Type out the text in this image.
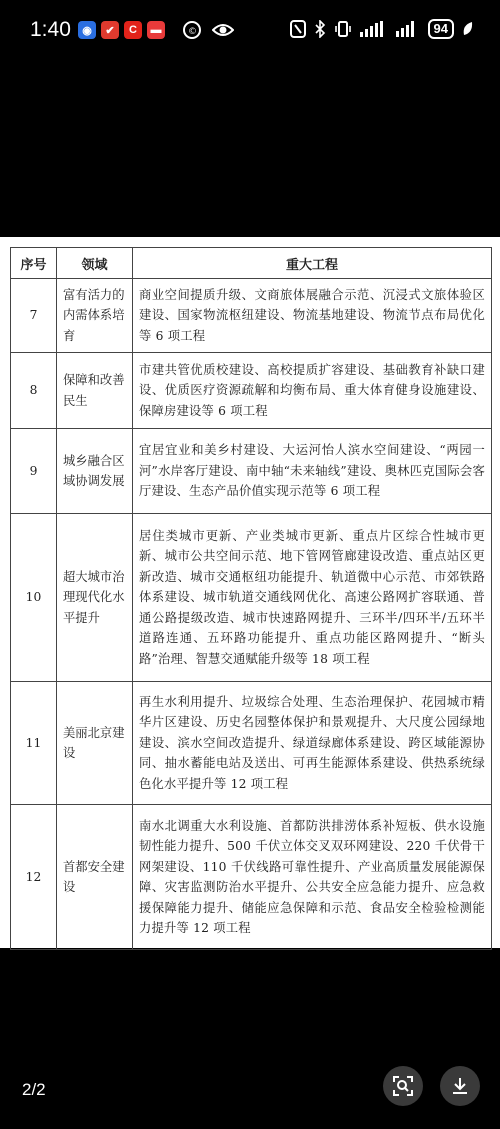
1:40	◉	✔	C	▬	©	94
序号	领域	重大工程
7	富有活力的内需体系培育	商业空间提质升级、文商旅体展融合示范、沉浸式文旅体验区建设、国家物流枢纽建设、物流基地建设、物流节点布局优化等 6 项工程
8	保障和改善民生	市建共管优质校建设、高校提质扩容建设、基础教育补缺口建设、优质医疗资源疏解和均衡布局、重大体育健身设施建设、保障房建设等 6 项工程
9	城乡融合区域协调发展	宜居宜业和美乡村建设、大运河怡人滨水空间建设、“两园一河”水岸客厅建设、南中轴“未来轴线”建设、奥林匹克国际会客厅建设、生态产品价值实现示范等 6 项工程
10	超大城市治理现代化水平提升	居住类城市更新、产业类城市更新、重点片区综合性城市更新、城市公共空间示范、地下管网管廊建设改造、重点站区更新改造、城市交通枢纽功能提升、轨道微中心示范、市郊铁路体系建设、城市轨道交通线网优化、高速公路网扩容联通、普通公路提级改造、城市快速路网提升、三环半/四环半/五环半道路连通、五环路功能提升、重点功能区路网提升、“断头路”治理、智慧交通赋能升级等 18 项工程
11	美丽北京建设	再生水利用提升、垃圾综合处理、生态治理保护、花园城市精华片区建设、历史名园整体保护和景观提升、大尺度公园绿地建设、滨水空间改造提升、绿道绿廊体系建设、跨区域能源协同、抽水蓄能电站及送出、可再生能源体系建设、供热系统绿色化水平提升等 12 项工程
12	首都安全建设	南水北调重大水利设施、首都防洪排涝体系补短板、供水设施韧性能力提升、500 千伏立体交叉双环网建设、220 千伏骨干网架建设、110 千伏线路可靠性提升、产业高质量发展能源保障、灾害监测防治水平提升、公共安全应急能力提升、应急救援保障能力提升、储能应急保障和示范、食品安全检验检测能力提升等 12 项工程
2/2
